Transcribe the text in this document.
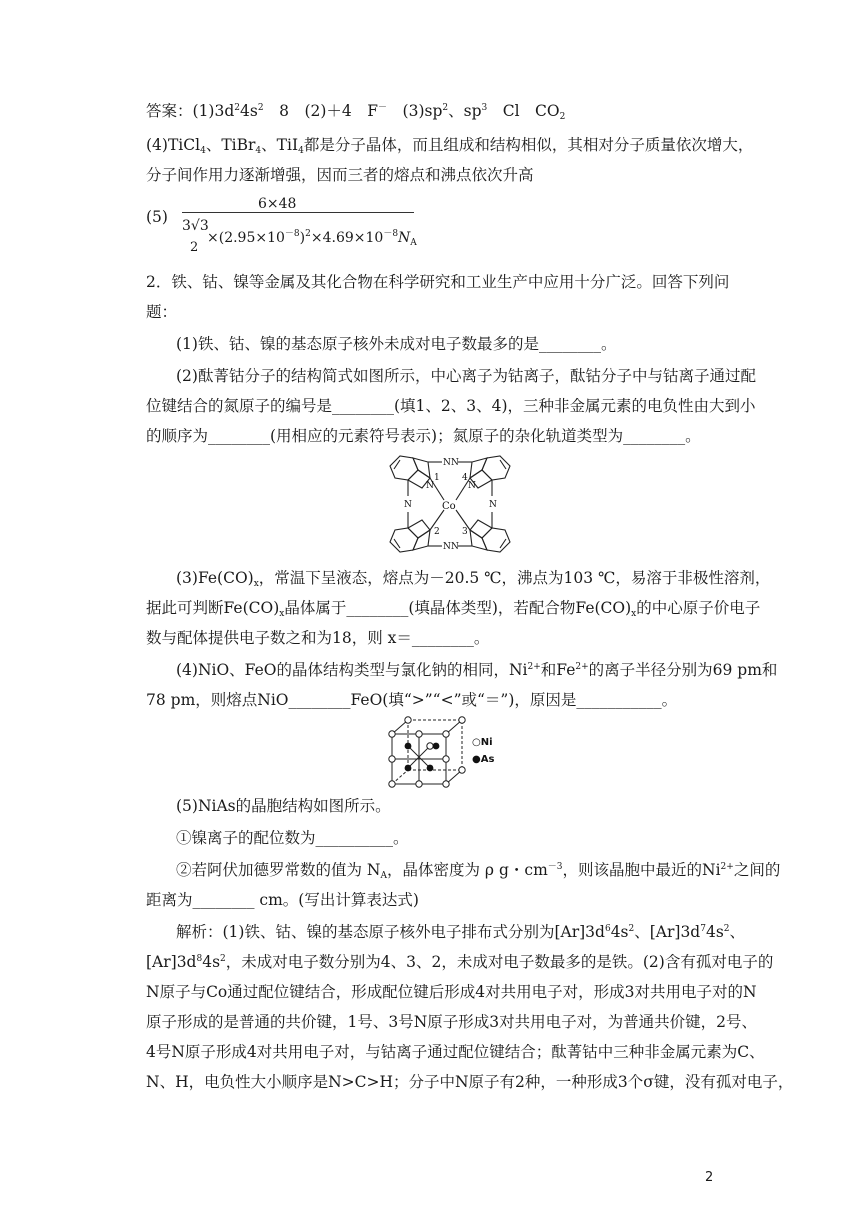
答案：$(1)3d^24s^2$　8　(2)＋4　F－　$(3)sp^2$、$sp^3$　Cl　$CO_2$
(4)TiCl$_4$、TiBr$_4$、TiI$_4$都是分子晶体，而且组成和结构相似，其相对分子质量依次增大，
分子间作用力逐渐增强，因而三者的熔点和沸点依次升高
(5)
6×48
3√3
2
$\times(2.95\times 10^{-8})^2\times 4.69\times 10^{-8}N_A$
2．铁、钴、镍等金属及其化合物在科学研究和工业生产中应用十分广泛。回答下列问
题：
(1)铁、钴、镍的基态原子核外未成对电子数最多的是________。
(2)酞菁钴分子的结构简式如图所示，中心离子为钴离子，酞钴分子中与钴离子通过配
位键结合的氮原子的编号是________(填1、2、3、4)，三种非金属元素的电负性由大到小
的顺序为________(用相应的元素符号表示)；氮原子的杂化轨道类型为________。
N N
N N
N	N
N	N
1 4
2 3
Co
$(3)Fe(CO)_x$，常温下呈液态，熔点为－20.5 ℃，沸点为103 ℃，易溶于非极性溶剂，
据此可判断$Fe(CO)_x$晶体属于________(填晶体类型)，若配合物$Fe(CO)_x$的中心原子价电子
数与配体提供电子数之和为18，则 x＝________。
(4)NiO、FeO的晶体结构类型与氯化钠的相同，$Ni^{2+}$和$Fe^{2+}$的离子半径分别为69 pm和
78 pm，则熔点NiO________FeO(填“>”“<”或“＝”)，原因是___________。
○Ni
●As
(5)NiAs的晶胞结构如图所示。
①镍离子的配位数为__________。
②若阿伏加德罗常数的值为 $N_A$，晶体密度为 ρ g・$cm^{-3}$，则该晶胞中最近的$Ni^{2+}$之间的
距离为________ cm。(写出计算表达式)
解析：(1)铁、钴、镍的基态原子核外电子排布式分别为$[Ar]3d^64s^2$、$[Ar]3d^74s^2$、
$[Ar]3d^84s^2$，未成对电子数分别为4、3、2，未成对电子数最多的是铁。(2)含有孤对电子的
N原子与Co通过配位键结合，形成配位键后形成4对共用电子对，形成3对共用电子对的N
原子形成的是普通的共价键，1号、3号N原子形成3对共用电子对，为普通共价键，2号、
4号N原子形成4对共用电子对，与钴离子通过配位键结合；酞菁钴中三种非金属元素为C、
N、H，电负性大小顺序是N>C>H；分子中N原子有2种，一种形成3个σ键，没有孤对电子，
2
